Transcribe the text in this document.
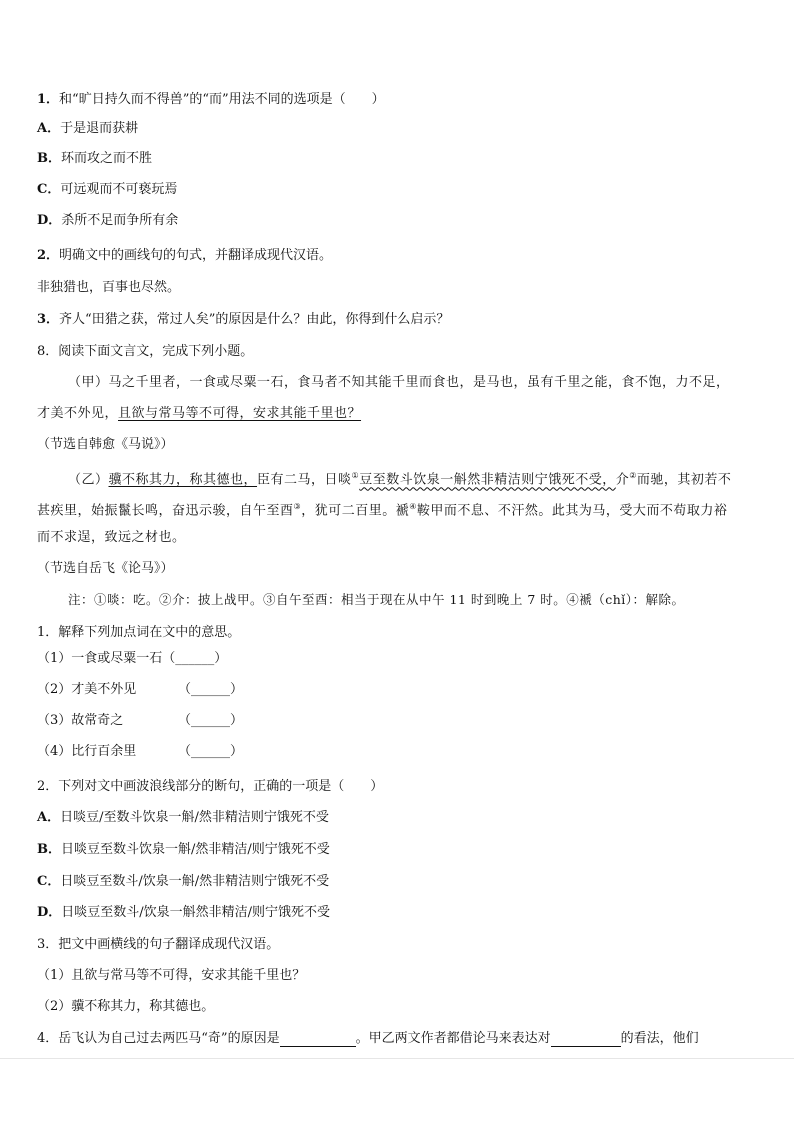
1．和“旷日持久而不得兽”的“而”用法不同的选项是（　　）
A．于是退而获耕
B．环而攻之而不胜
C．可远观而不可亵玩焉
D．杀所不足而争所有余
2．明确文中的画线句的句式，并翻译成现代汉语。
非独猎也，百事也尽然。
3．齐人“田猎之获，常过人矣”的原因是什么？由此，你得到什么启示？
8．阅读下面文言文，完成下列小题。
（甲）马之千里者，一食或尽粟一石，食马者不知其能千里而食也，是马也，虽有千里之能，食不饱，力不足，
才美不外见，且欲与常马等不可得，安求其能千里也？
（节选自韩愈《马说》）
（乙）骥不称其力，称其德也，臣有二马，日啖①豆至数斗饮泉一斛然非精洁则宁饿死不受，介②而驰，其初若不
甚疾里，始振鬣长鸣，奋迅示骏，自午至酉③，犹可二百里。褫④鞍甲而不息、不汗然。此其为马，受大而不苟取力裕
而不求逞，致远之材也。
（节选自岳飞《论马》）
注：①啖：吃。②介：披上战甲。③自午至酉：相当于现在从中午 11 时到晚上 7 时。④褫（chǐ）：解除。
1．解释下列加点词在文中的意思。
（1）一食或尽粟一石（______）
（2）才美不外见	（______）
（3）故常奇之	（______）
（4）比行百余里	（______）
2．下列对文中画波浪线部分的断句，正确的一项是（　　）
A．日啖豆/至数斗饮泉一斛/然非精洁则宁饿死不受
B．日啖豆至数斗饮泉一斛/然非精洁/则宁饿死不受
C．日啖豆至数斗/饮泉一斛/然非精洁则宁饿死不受
D．日啖豆至数斗/饮泉一斛然非精洁/则宁饿死不受
3．把文中画横线的句子翻译成现代汉语。
（1）且欲与常马等不可得，安求其能千里也？
（2）骥不称其力，称其德也。
4．岳飞认为自己过去两匹马“奇”的原因是	。甲乙两文作者都借论马来表达对	的看法，他们
